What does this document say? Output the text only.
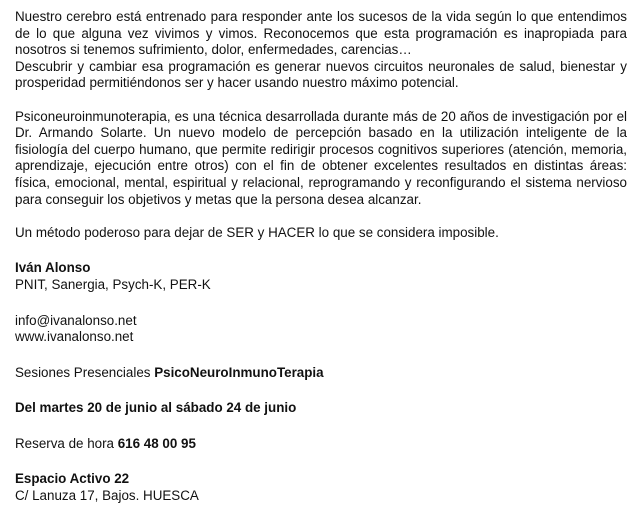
Nuestro cerebro está entrenado para responder ante los sucesos de la vida según lo que entendimos de lo que alguna vez vivimos y vimos. Reconocemos que esta programación es inapropiada para nosotros si tenemos sufrimiento, dolor, enfermedades, carencias…
Descubrir y cambiar esa programación es generar nuevos circuitos neuronales de salud, bienestar y prosperidad permitiéndonos ser y hacer usando nuestro máximo potencial.

Psiconeuroinmunoterapia, es una técnica desarrollada durante más de 20 años de investigación por el Dr. Armando Solarte. Un nuevo modelo de percepción basado en la utilización inteligente de la fisiología del cuerpo humano, que permite redirigir procesos cognitivos superiores (atención, memoria, aprendizaje, ejecución entre otros) con el fin de obtener excelentes resultados en distintas áreas: física, emocional, mental, espiritual y relacional, reprogramando y reconfigurando el sistema nervioso para conseguir los objetivos y metas que la persona desea alcanzar.

Un método poderoso para dejar de SER y HACER lo que se considera imposible.

Iván Alonso
PNIT, Sanergia, Psych-K, PER-K

info@ivanalonso.net
www.ivanalonso.net

Sesiones Presenciales PsicoNeuroInmunoTerapia

Del martes 20 de junio al sábado 24 de junio

Reserva de hora 616 48 00 95

Espacio Activo 22
C/ Lanuza 17, Bajos. HUESCA
